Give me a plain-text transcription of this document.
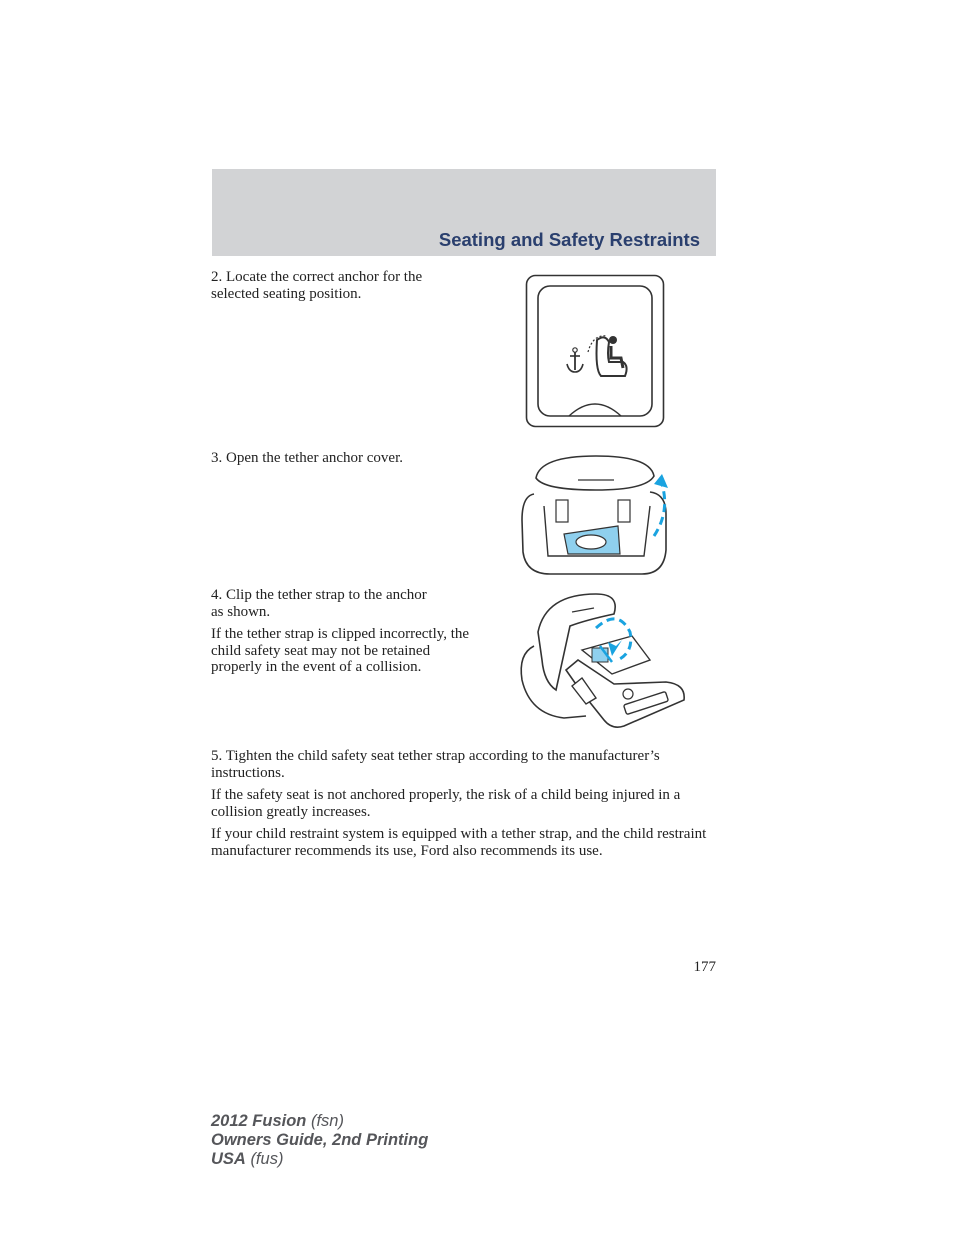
Seating and Safety Restraints

2. Locate the correct anchor for the selected seating position.

3. Open the tether anchor cover.

4. Clip the tether strap to the anchor as shown.

If the tether strap is clipped incorrectly, the child safety seat may not be retained properly in the event of a collision.

5. Tighten the child safety seat tether strap according to the manufacturer’s instructions.

If the safety seat is not anchored properly, the risk of a child being injured in a collision greatly increases.

If your child restraint system is equipped with a tether strap, and the child restraint manufacturer recommends its use, Ford also recommends its use.

177

2012 Fusion (fsn)
Owners Guide, 2nd Printing
USA (fus)
